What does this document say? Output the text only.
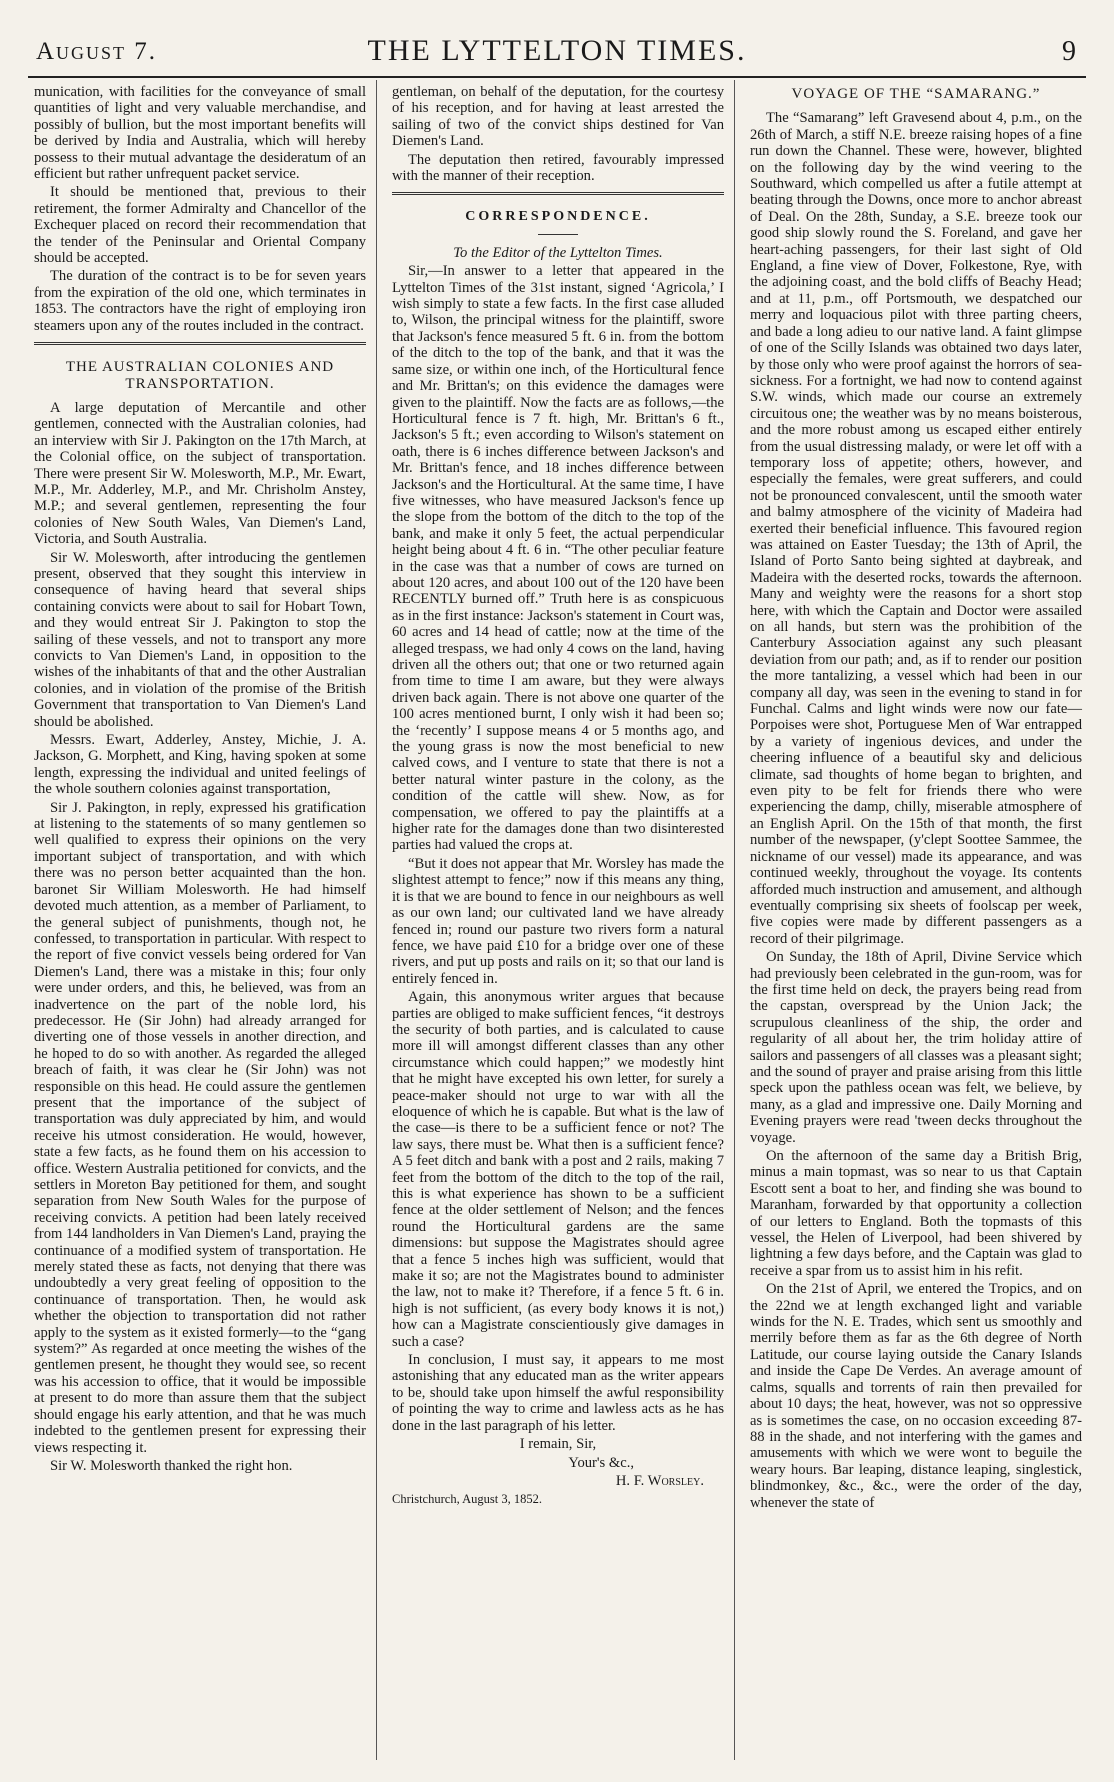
August 7.	THE LYTTELTON TIMES.	9

munication, with facilities for the conveyance of small quantities of light and very valuable merchandise, and possibly of bullion, but the most important benefits will be derived by India and Australia, which will hereby possess to their mutual advantage the desideratum of an efficient but rather unfrequent packet service.

It should be mentioned that, previous to their retirement, the former Admiralty and Chancellor of the Exchequer placed on record their recommendation that the tender of the Peninsular and Oriental Company should be accepted.

The duration of the contract is to be for seven years from the expiration of the old one, which terminates in 1853. The contractors have the right of employing iron steamers upon any of the routes included in the contract.

THE AUSTRALIAN COLONIES AND TRANSPORTATION.

A large deputation of Mercantile and other gentlemen, connected with the Australian colonies, had an interview with Sir J. Pakington on the 17th March, at the Colonial office, on the subject of transportation. There were present Sir W. Molesworth, M.P., Mr. Ewart, M.P., Mr. Adderley, M.P., and Mr. Chrisholm Anstey, M.P.; and several gentlemen, representing the four colonies of New South Wales, Van Diemen's Land, Victoria, and South Australia.

Sir W. Molesworth, after introducing the gentlemen present, observed that they sought this interview in consequence of having heard that several ships containing convicts were about to sail for Hobart Town, and they would entreat Sir J. Pakington to stop the sailing of these vessels, and not to transport any more convicts to Van Diemen's Land, in opposition to the wishes of the inhabitants of that and the other Australian colonies, and in violation of the promise of the British Government that transportation to Van Diemen's Land should be abolished.

Messrs. Ewart, Adderley, Anstey, Michie, J. A. Jackson, G. Morphett, and King, having spoken at some length, expressing the individual and united feelings of the whole southern colonies against transportation,

Sir J. Pakington, in reply, expressed his gratification at listening to the statements of so many gentlemen so well qualified to express their opinions on the very important subject of transportation, and with which there was no person better acquainted than the hon. baronet Sir William Molesworth. He had himself devoted much attention, as a member of Parliament, to the general subject of punishments, though not, he confessed, to transportation in particular. With respect to the report of five convict vessels being ordered for Van Diemen's Land, there was a mistake in this; four only were under orders, and this, he believed, was from an inadvertence on the part of the noble lord, his predecessor. He (Sir John) had already arranged for diverting one of those vessels in another direction, and he hoped to do so with another. As regarded the alleged breach of faith, it was clear he (Sir John) was not responsible on this head. He could assure the gentlemen present that the importance of the subject of transportation was duly appreciated by him, and would receive his utmost consideration. He would, however, state a few facts, as he found them on his accession to office. Western Australia petitioned for convicts, and the settlers in Moreton Bay petitioned for them, and sought separation from New South Wales for the purpose of receiving convicts. A petition had been lately received from 144 landholders in Van Diemen's Land, praying the continuance of a modified system of transportation. He merely stated these as facts, not denying that there was undoubtedly a very great feeling of opposition to the continuance of transportation. Then, he would ask whether the objection to transportation did not rather apply to the system as it existed formerly—to the “gang system?” As regarded at once meeting the wishes of the gentlemen present, he thought they would see, so recent was his accession to office, that it would be impossible at present to do more than assure them that the subject should engage his early attention, and that he was much indebted to the gentlemen present for expressing their views respecting it.

Sir W. Molesworth thanked the right hon.

gentleman, on behalf of the deputation, for the courtesy of his reception, and for having at least arrested the sailing of two of the convict ships destined for Van Diemen's Land.

The deputation then retired, favourably impressed with the manner of their reception.

CORRESPONDENCE.

To the Editor of the Lyttelton Times.

Sir,—In answer to a letter that appeared in the Lyttelton Times of the 31st instant, signed ‘Agricola,’ I wish simply to state a few facts. In the first case alluded to, Wilson, the principal witness for the plaintiff, swore that Jackson's fence measured 5 ft. 6 in. from the bottom of the ditch to the top of the bank, and that it was the same size, or within one inch, of the Horticultural fence and Mr. Brittan's; on this evidence the damages were given to the plaintiff. Now the facts are as follows,—the Horticultural fence is 7 ft. high, Mr. Brittan's 6 ft., Jackson's 5 ft.; even according to Wilson's statement on oath, there is 6 inches difference between Jackson's and Mr. Brittan's fence, and 18 inches difference between Jackson's and the Horticultural. At the same time, I have five witnesses, who have measured Jackson's fence up the slope from the bottom of the ditch to the top of the bank, and make it only 5 feet, the actual perpendicular height being about 4 ft. 6 in. “The other peculiar feature in the case was that a number of cows are turned on about 120 acres, and about 100 out of the 120 have been RECENTLY burned off.” Truth here is as conspicuous as in the first instance: Jackson's statement in Court was, 60 acres and 14 head of cattle; now at the time of the alleged trespass, we had only 4 cows on the land, having driven all the others out; that one or two returned again from time to time I am aware, but they were always driven back again. There is not above one quarter of the 100 acres mentioned burnt, I only wish it had been so; the ‘recently’ I suppose means 4 or 5 months ago, and the young grass is now the most beneficial to new calved cows, and I venture to state that there is not a better natural winter pasture in the colony, as the condition of the cattle will shew. Now, as for compensation, we offered to pay the plaintiffs at a higher rate for the damages done than two disinterested parties had valued the crops at.

“But it does not appear that Mr. Worsley has made the slightest attempt to fence;” now if this means any thing, it is that we are bound to fence in our neighbours as well as our own land; our cultivated land we have already fenced in; round our pasture two rivers form a natural fence, we have paid £10 for a bridge over one of these rivers, and put up posts and rails on it; so that our land is entirely fenced in.

Again, this anonymous writer argues that because parties are obliged to make sufficient fences, “it destroys the security of both parties, and is calculated to cause more ill will amongst different classes than any other circumstance which could happen;” we modestly hint that he might have excepted his own letter, for surely a peace-maker should not urge to war with all the eloquence of which he is capable. But what is the law of the case—is there to be a sufficient fence or not? The law says, there must be. What then is a sufficient fence? A 5 feet ditch and bank with a post and 2 rails, making 7 feet from the bottom of the ditch to the top of the rail, this is what experience has shown to be a sufficient fence at the older settlement of Nelson; and the fences round the Horticultural gardens are the same dimensions: but suppose the Magistrates should agree that a fence 5 inches high was sufficient, would that make it so; are not the Magistrates bound to administer the law, not to make it? Therefore, if a fence 5 ft. 6 in. high is not sufficient, (as every body knows it is not,) how can a Magistrate conscientiously give damages in such a case?

In conclusion, I must say, it appears to me most astonishing that any educated man as the writer appears to be, should take upon himself the awful responsibility of pointing the way to crime and lawless acts as he has done in the last paragraph of his letter.

I remain, Sir,

Your's &c.,

H. F. Worsley.

Christchurch, August 3, 1852.

VOYAGE OF THE “SAMARANG.”

The “Samarang” left Gravesend about 4, p.m., on the 26th of March, a stiff N.E. breeze raising hopes of a fine run down the Channel. These were, however, blighted on the following day by the wind veering to the Southward, which compelled us after a futile attempt at beating through the Downs, once more to anchor abreast of Deal. On the 28th, Sunday, a S.E. breeze took our good ship slowly round the S. Foreland, and gave her heart-aching passengers, for their last sight of Old England, a fine view of Dover, Folkestone, Rye, with the adjoining coast, and the bold cliffs of Beachy Head; and at 11, p.m., off Portsmouth, we despatched our merry and loquacious pilot with three parting cheers, and bade a long adieu to our native land. A faint glimpse of one of the Scilly Islands was obtained two days later, by those only who were proof against the horrors of sea-sickness. For a fortnight, we had now to contend against S.W. winds, which made our course an extremely circuitous one; the weather was by no means boisterous, and the more robust among us escaped either entirely from the usual distressing malady, or were let off with a temporary loss of appetite; others, however, and especially the females, were great sufferers, and could not be pronounced convalescent, until the smooth water and balmy atmosphere of the vicinity of Madeira had exerted their beneficial influence. This favoured region was attained on Easter Tuesday; the 13th of April, the Island of Porto Santo being sighted at daybreak, and Madeira with the deserted rocks, towards the afternoon. Many and weighty were the reasons for a short stop here, with which the Captain and Doctor were assailed on all hands, but stern was the prohibition of the Canterbury Association against any such pleasant deviation from our path; and, as if to render our position the more tantalizing, a vessel which had been in our company all day, was seen in the evening to stand in for Funchal. Calms and light winds were now our fate—Porpoises were shot, Portuguese Men of War entrapped by a variety of ingenious devices, and under the cheering influence of a beautiful sky and delicious climate, sad thoughts of home began to brighten, and even pity to be felt for friends there who were experiencing the damp, chilly, miserable atmosphere of an English April. On the 15th of that month, the first number of the newspaper, (y'clept Soottee Sammee, the nickname of our vessel) made its appearance, and was continued weekly, throughout the voyage. Its contents afforded much instruction and amusement, and although eventually comprising six sheets of foolscap per week, five copies were made by different passengers as a record of their pilgrimage.

On Sunday, the 18th of April, Divine Service which had previously been celebrated in the gun-room, was for the first time held on deck, the prayers being read from the capstan, overspread by the Union Jack; the scrupulous cleanliness of the ship, the order and regularity of all about her, the trim holiday attire of sailors and passengers of all classes was a pleasant sight; and the sound of prayer and praise arising from this little speck upon the pathless ocean was felt, we believe, by many, as a glad and impressive one. Daily Morning and Evening prayers were read 'tween decks throughout the voyage.

On the afternoon of the same day a British Brig, minus a main topmast, was so near to us that Captain Escott sent a boat to her, and finding she was bound to Maranham, forwarded by that opportunity a collection of our letters to England. Both the topmasts of this vessel, the Helen of Liverpool, had been shivered by lightning a few days before, and the Captain was glad to receive a spar from us to assist him in his refit.

On the 21st of April, we entered the Tropics, and on the 22nd we at length exchanged light and variable winds for the N. E. Trades, which sent us smoothly and merrily before them as far as the 6th degree of North Latitude, our course laying outside the Canary Islands and inside the Cape De Verdes. An average amount of calms, squalls and torrents of rain then prevailed for about 10 days; the heat, however, was not so oppressive as is sometimes the case, on no occasion exceeding 87-88 in the shade, and not interfering with the games and amusements with which we were wont to beguile the weary hours. Bar leaping, distance leaping, singlestick, blindmonkey, &c., &c., were the order of the day, whenever the state of
